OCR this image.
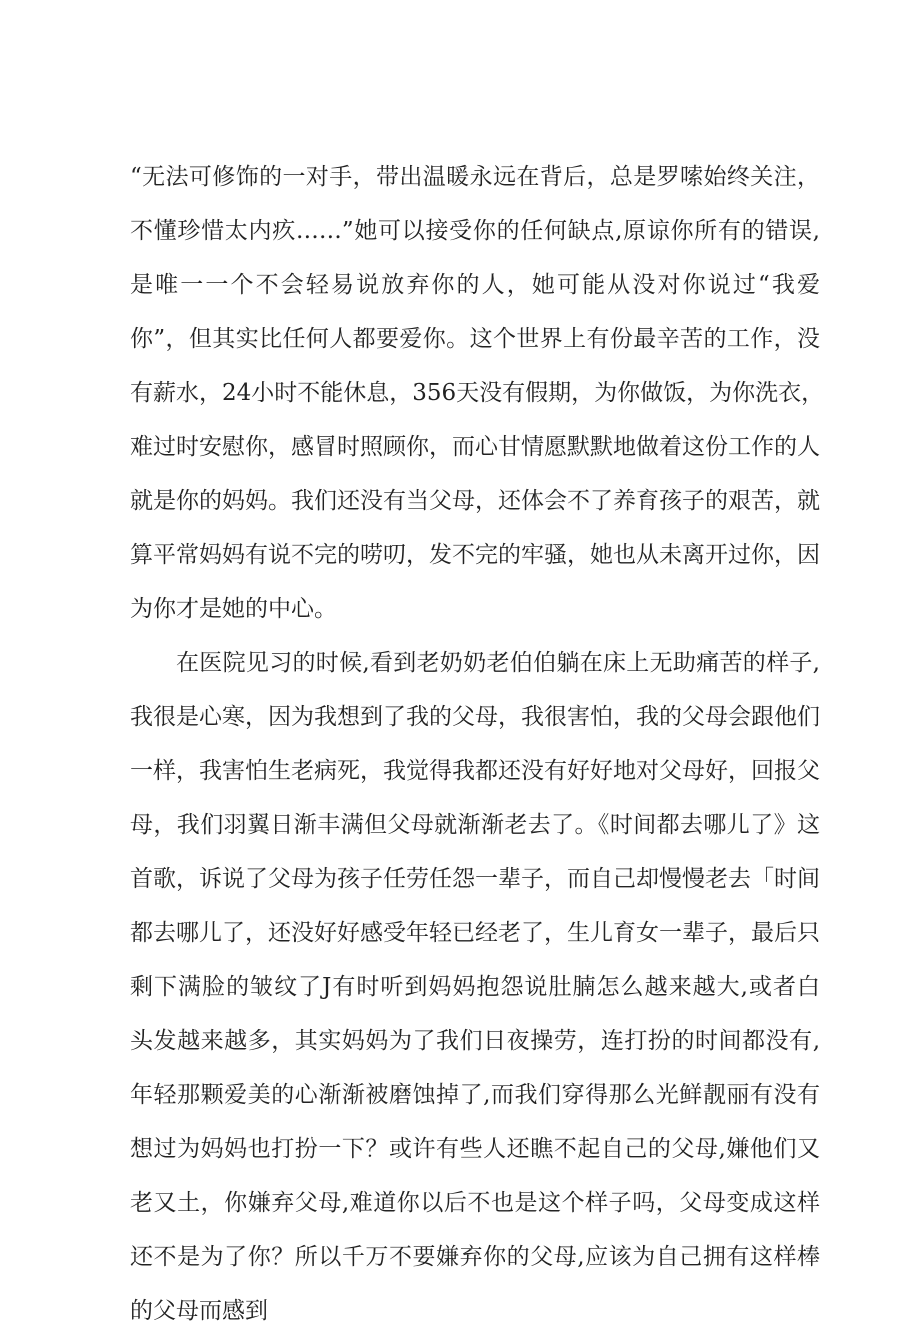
“无法可修饰的一对手，带出温暖永远在背后，总是罗嗦始终关注，
不懂珍惜太内疚……”她可以接受你的任何缺点,原谅你所有的错误,
是唯一一个不会轻易说放弃你的人，她可能从没对你说过“我爱
你”，但其实比任何人都要爱你。这个世界上有份最辛苦的工作，没
有薪水，24小时不能休息，356天没有假期，为你做饭，为你洗衣，
难过时安慰你，感冒时照顾你，而心甘情愿默默地做着这份工作的人
就是你的妈妈。我们还没有当父母，还体会不了养育孩子的艰苦，就
算平常妈妈有说不完的唠叨，发不完的牢骚，她也从未离开过你，因
为你才是她的中心。
在医院见习的时候,看到老奶奶老伯伯躺在床上无助痛苦的样子,
我很是心寒，因为我想到了我的父母，我很害怕，我的父母会跟他们
一样，我害怕生老病死，我觉得我都还没有好好地对父母好，回报父
母，我们羽翼日渐丰满但父母就渐渐老去了。《时间都去哪儿了》这
首歌，诉说了父母为孩子任劳任怨一辈子，而自己却慢慢老去「时间
都去哪儿了，还没好好感受年轻已经老了，生儿育女一辈子，最后只
剩下满脸的皱纹了J有时听到妈妈抱怨说肚腩怎么越来越大,或者白
头发越来越多，其实妈妈为了我们日夜操劳，连打扮的时间都没有,
年轻那颗爱美的心渐渐被磨蚀掉了,而我们穿得那么光鲜靓丽有没有
想过为妈妈也打扮一下？或许有些人还瞧不起自己的父母,嫌他们又
老又土，你嫌弃父母,难道你以后不也是这个样子吗，父母变成这样
还不是为了你？所以千万不要嫌弃你的父母,应该为自己拥有这样棒
的父母而感到
